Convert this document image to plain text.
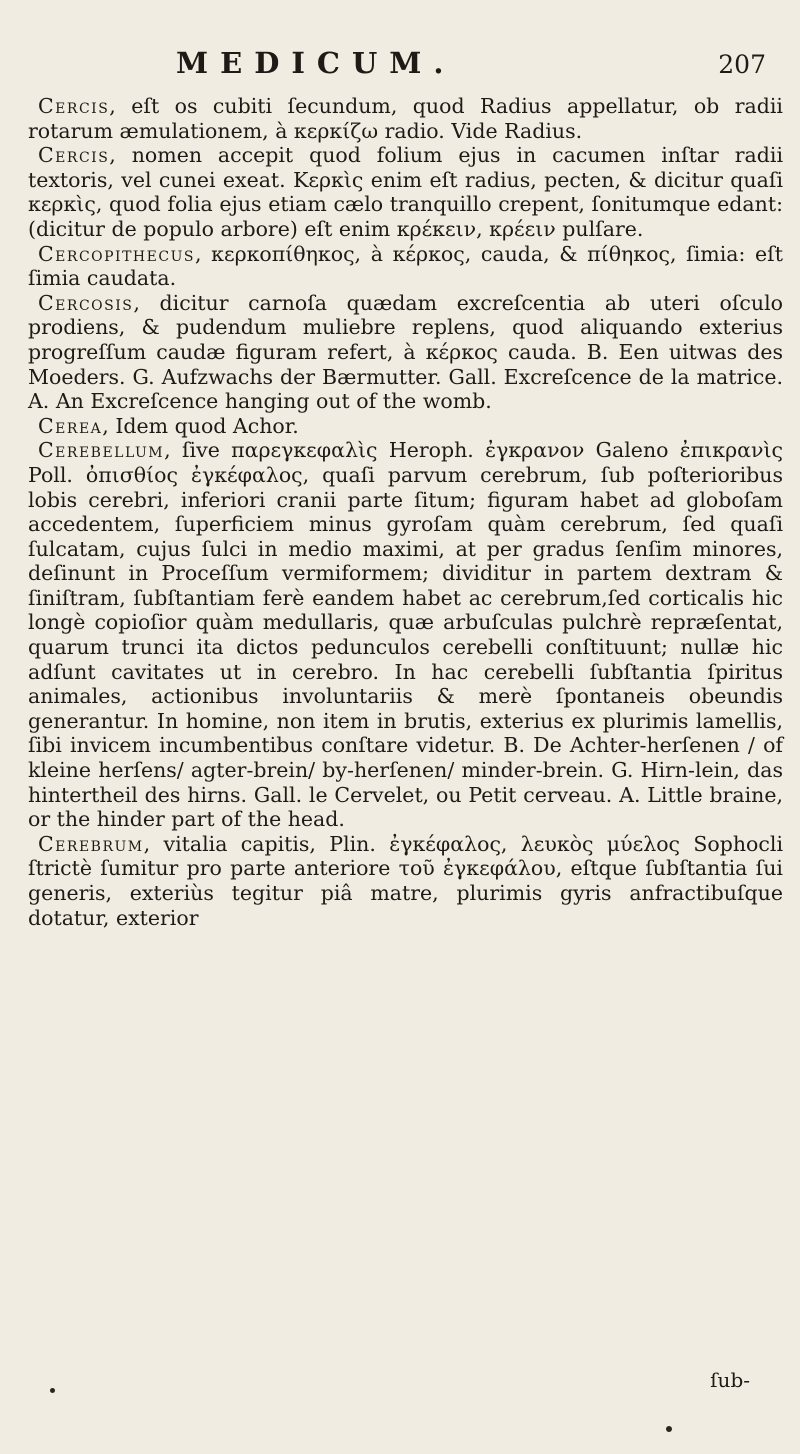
MEDICUM.	207

Cercis, eſt os cubiti ſecundum, quod Radius appellatur, ob radii rotarum æmulationem, à κερκίζω radio. Vide Radius.

Cercis, nomen accepit quod folium ejus in cacumen inſtar radii textoris, vel cunei exeat. Κερκὶς enim eſt radius, pecten, & dicitur quaſi κερκὶς, quod folia ejus etiam cælo tranquillo crepent, ſonitumque edant: (dicitur de populo arbore) eſt enim κρέκειν, κρέειν pulſare.

Cercopithecus, κερκοπίθηκος, à κέρκος, cauda, & πίθηκος, ſimia: eſt ſimia caudata.

Cercosis, dicitur carnoſa quædam excreſcentia ab uteri oſculo prodiens, & pudendum muliebre replens, quod aliquando exterius progreſſum caudæ figuram refert, à κέρκος cauda. B. Een uitwas des Moeders. G. Aufzwachs der Bærmutter. Gall. Excreſcence de la matrice. A. An Excreſcence hanging out of the womb.

Cerea, Idem quod Achor.

Cerebellum, ſive παρεγκεφαλὶς Heroph. ἐγκρανον Galeno ἐπικρανὶς Poll. ὀπισθίος ἐγκέφαλος, quaſi parvum cerebrum, ſub poſterioribus lobis cerebri, inferiori cranii parte ſitum; figuram habet ad globoſam accedentem, ſuperficiem minus gyroſam quàm cerebrum, ſed quaſi ſulcatam, cujus ſulci in medio maximi, at per gradus ſenſim minores, deſinunt in Proceſſum vermiformem; dividitur in partem dextram & ſiniſtram, ſubſtantiam ferè eandem habet ac cerebrum,ſed corticalis hic longè copioſior quàm medullaris, quæ arbuſculas pulchrè repræſentat, quarum trunci ita dictos pedunculos cerebelli conſtituunt; nullæ hic adſunt cavitates ut in cerebro. In hac cerebelli ſubſtantia ſpiritus animales, actionibus involuntariis & merè ſpontaneis obeundis generantur. In homine, non item in brutis, exterius ex plurimis lamellis, ſibi invicem incumbentibus conſtare videtur. B. De Achter-herſenen / of kleine herſens/ agter-brein/ by-herſenen/ minder-brein. G. Hirn-lein, das hintertheil des hirns. Gall. le Cervelet, ou Petit cerveau. A. Little braine, or the hinder part of the head.

Cerebrum, vitalia capitis, Plin. ἐγκέφαλος, λευκὸς μύελος Sophocli ſtrictè ſumitur pro parte anteriore τοῦ ἐγκεφάλου, eſtque ſubſtantia ſui generis, exteriùs tegitur piâ matre, plurimis gyris anfractibuſque dotatur, exterior

ſub-
